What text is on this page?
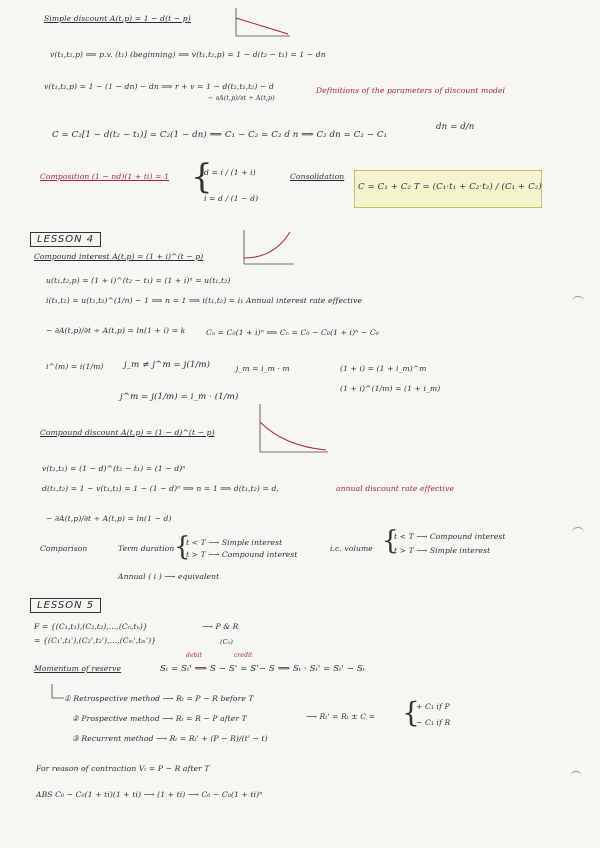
Simple discount A(t,p) = 1 − d(t − p)
v(t₁,t₂,p) ⟹ p.v. (t₁) (beginning) ⟹ v(t₁,t₂,p) = 1 − d(t₂ − t₁) = 1 − dn
v(t₁,t₂,p) = 1 − (1 − dn) − dn ⟹ r + v = 1 − d(t₂,t₁,t₂) − d
− ∂A(t,p)/∂t ÷ A(t,p)
Definitions of the parameters of discount model
C = C₂[1 − d(t₂ − t₁)] = C₂(1 − dn) ⟹ C₁ − C₂ = C₂ d n ⟹ C₂ dn = C₂ − C₁
dn = d/n
Composition (1 − nd)(1 + ti) = 1 {
d = i / (1 + i)
i = d / (1 − d)
Consolidation
C = C₁ + C₂ T = (C₁·t₁ + C₂·t₂) / (C₁ + C₂)
LESSON 4
Compound interest A(t,p) = (1 + i)^(t − p)
u(t₁,t₂,p) = (1 + i)^(t₂ − t₁) = (1 + i)ⁿ = u(t₁,t₂)
i(t₁,t₂) = u(t₁,t₂)^(1/n) − 1 ⟹ n = 1 ⟹ i(t₁,t₂) = i₁ Annual interest rate effective
− ∂A(t,p)/∂t ÷ A(t,p) = ln(1 + i) = k	Cₙ = C₀(1 + i)ⁿ ⟹ Cₙ = C₀ − C₀(1 + i)ⁿ − C₀
i^(m) = i(1/m) j_m ≠ j^m = j(1/m)	j_m = i_m · m	(1 + i) = (1 + i_m)^m
(1 + i)^(1/m) = (1 + i_m)
j^m = j(1/m) = i_m · (1/m)
Compound discount A(t,p) = (1 − d)^(t − p)
v(t₁,t₂) = (1 − d)^(t₂ − t₁) = (1 − d)ⁿ
d(t₁,t₂) = 1 − v(t₁,t₂) = 1 − (1 − d)ⁿ ⟹ n = 1 ⟹ d(t₁,t₂) = d,	annual discount rate effective
− ∂A(t,p)/∂t ÷ A(t,p) = ln(1 − d)
Comparison	Term duration {
t < T ⟶ Simple interest
t > T ⟶ Compound interest
i.c. volume {
t < T ⟶ Compound interest
t > T ⟶ Simple interest
Annual ( i ) ⟶ equivalent
LESSON 5
F = {(C₁,t₁),(C₂,t₂),...,(Cₙ,tₙ)}	⟶ P & R
= {(C₁',t₁'),(C₂',t₂'),...,(Cₘ',tₘ')}	(C₀)
Momentum of reserve	Sₜ = Sₜ' ⟹ S − S' = S'− S ⟹ Sₜ · Sₜ' = Sₜ' − Sₜ
debit	credit
① Retrospective method ⟶ Rₜ = P − R before T
② Prospective method ⟶ Rₜ = R − P after T
③ Recurrent method ⟶ Rₜ = Rₜ' + (P − R)/(t' − t)
⟶ Rₜ' = Rₜ ± C = {
+ C₁ if P
− C₁ if R
For reason of contraction Vₜ = P − R after T
ABS C₀ − C₀(1 + ti)(1 + ti) ⟶ (1 + ti) ⟶ C₀ − C₀(1 + ti)ⁿ
